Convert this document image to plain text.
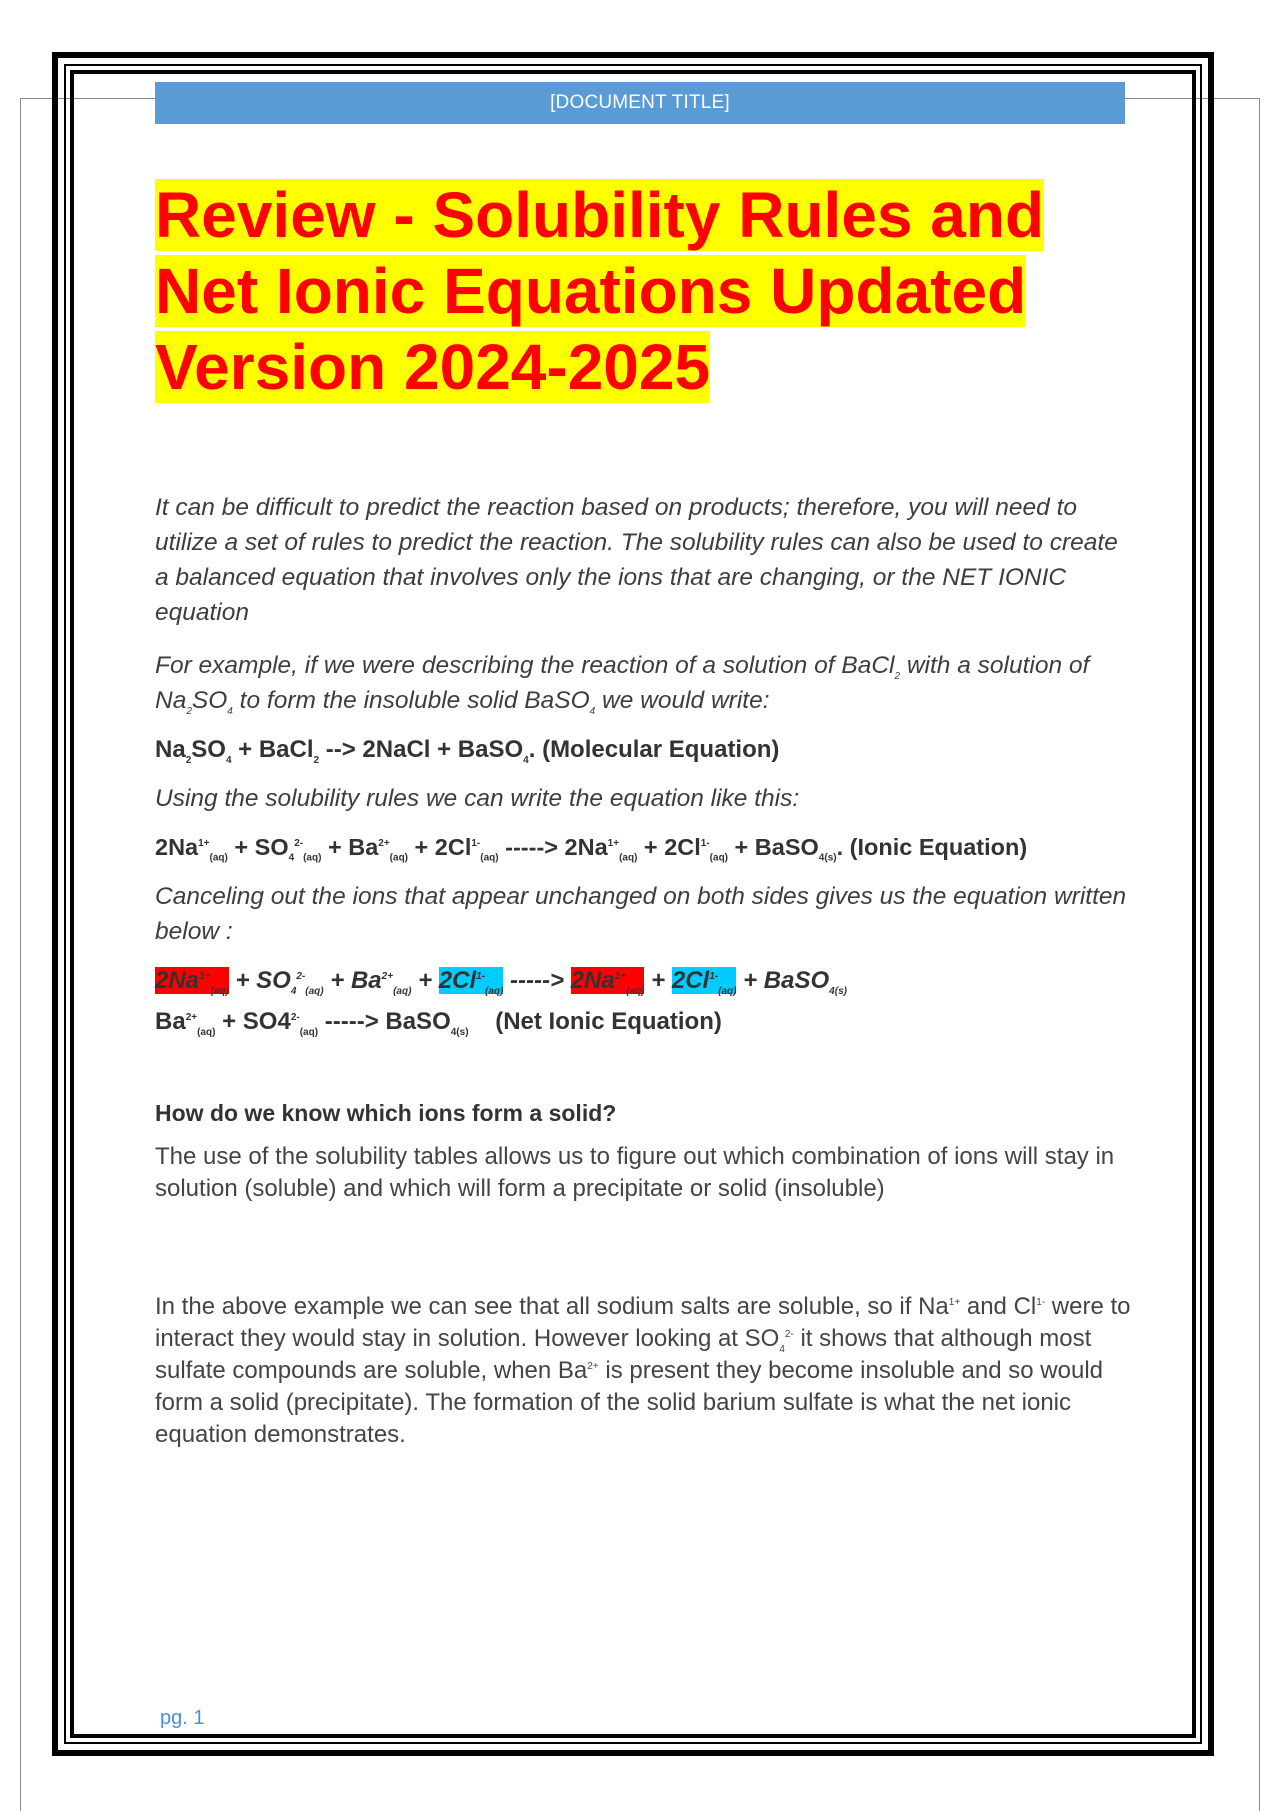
[DOCUMENT TITLE]
Review - Solubility Rules and
Net Ionic Equations Updated
Version 2024-2025

It can be difficult to predict the reaction based on products; therefore, you will need to utilize a set of rules to predict the reaction. The solubility rules can also be used to create a balanced equation that involves only the ions that are changing, or the NET IONIC equation

For example, if we were describing the reaction of a solution of BaCl$_2$ with a solution of $Na_2SO_4$ to form the insoluble solid BaSO$_4$ we would write:

$Na_2SO_4$ + BaCl$_2$ --> 2NaCl + BaSO$_4$. (Molecular Equation)

Using the solubility rules we can write the equation like this:

$2Na^{1+}_{(aq)} + SO_4^{2-}_{(aq)} + Ba^{2+}_{(aq)} + 2Cl^{1-}_{(aq)}$ -----> $2Na^{1+}_{(aq)} + 2Cl^{1-}_{(aq)}$ + BaSO$_{4(s)}$. (Ionic Equation)

Canceling out the ions that appear unchanged on both sides gives us the equation written below :

$2Na^{1+}_{(aq)} + SO_4^{2-}_{(aq)} + Ba^{2+}_{(aq)} + 2Cl^{1-}_{(aq)}$ -----> $2Na^{1+}_{(aq)} + 2Cl^{1-}_{(aq)}$ + BaSO$_{4(s)}$

$Ba^{2+}_{(aq)} + SO4^{2-}_{(aq)}$ -----> BaSO$_{4(s)}$    (Net Ionic Equation)

How do we know which ions form a solid?

The use of the solubility tables allows us to figure out which combination of ions will stay in solution (soluble) and which will form a precipitate or solid (insoluble)

In the above example we can see that all sodium salts are soluble, so if $Na^{1+}$ and $Cl^{1-}$ were to interact they would stay in solution. However looking at $SO_4^{2-}$ it shows that although most sulfate compounds are soluble, when $Ba^{2+}$ is present they become insoluble and so would form a solid (precipitate). The formation of the solid barium sulfate is what the net ionic equation demonstrates.

pg. 1
